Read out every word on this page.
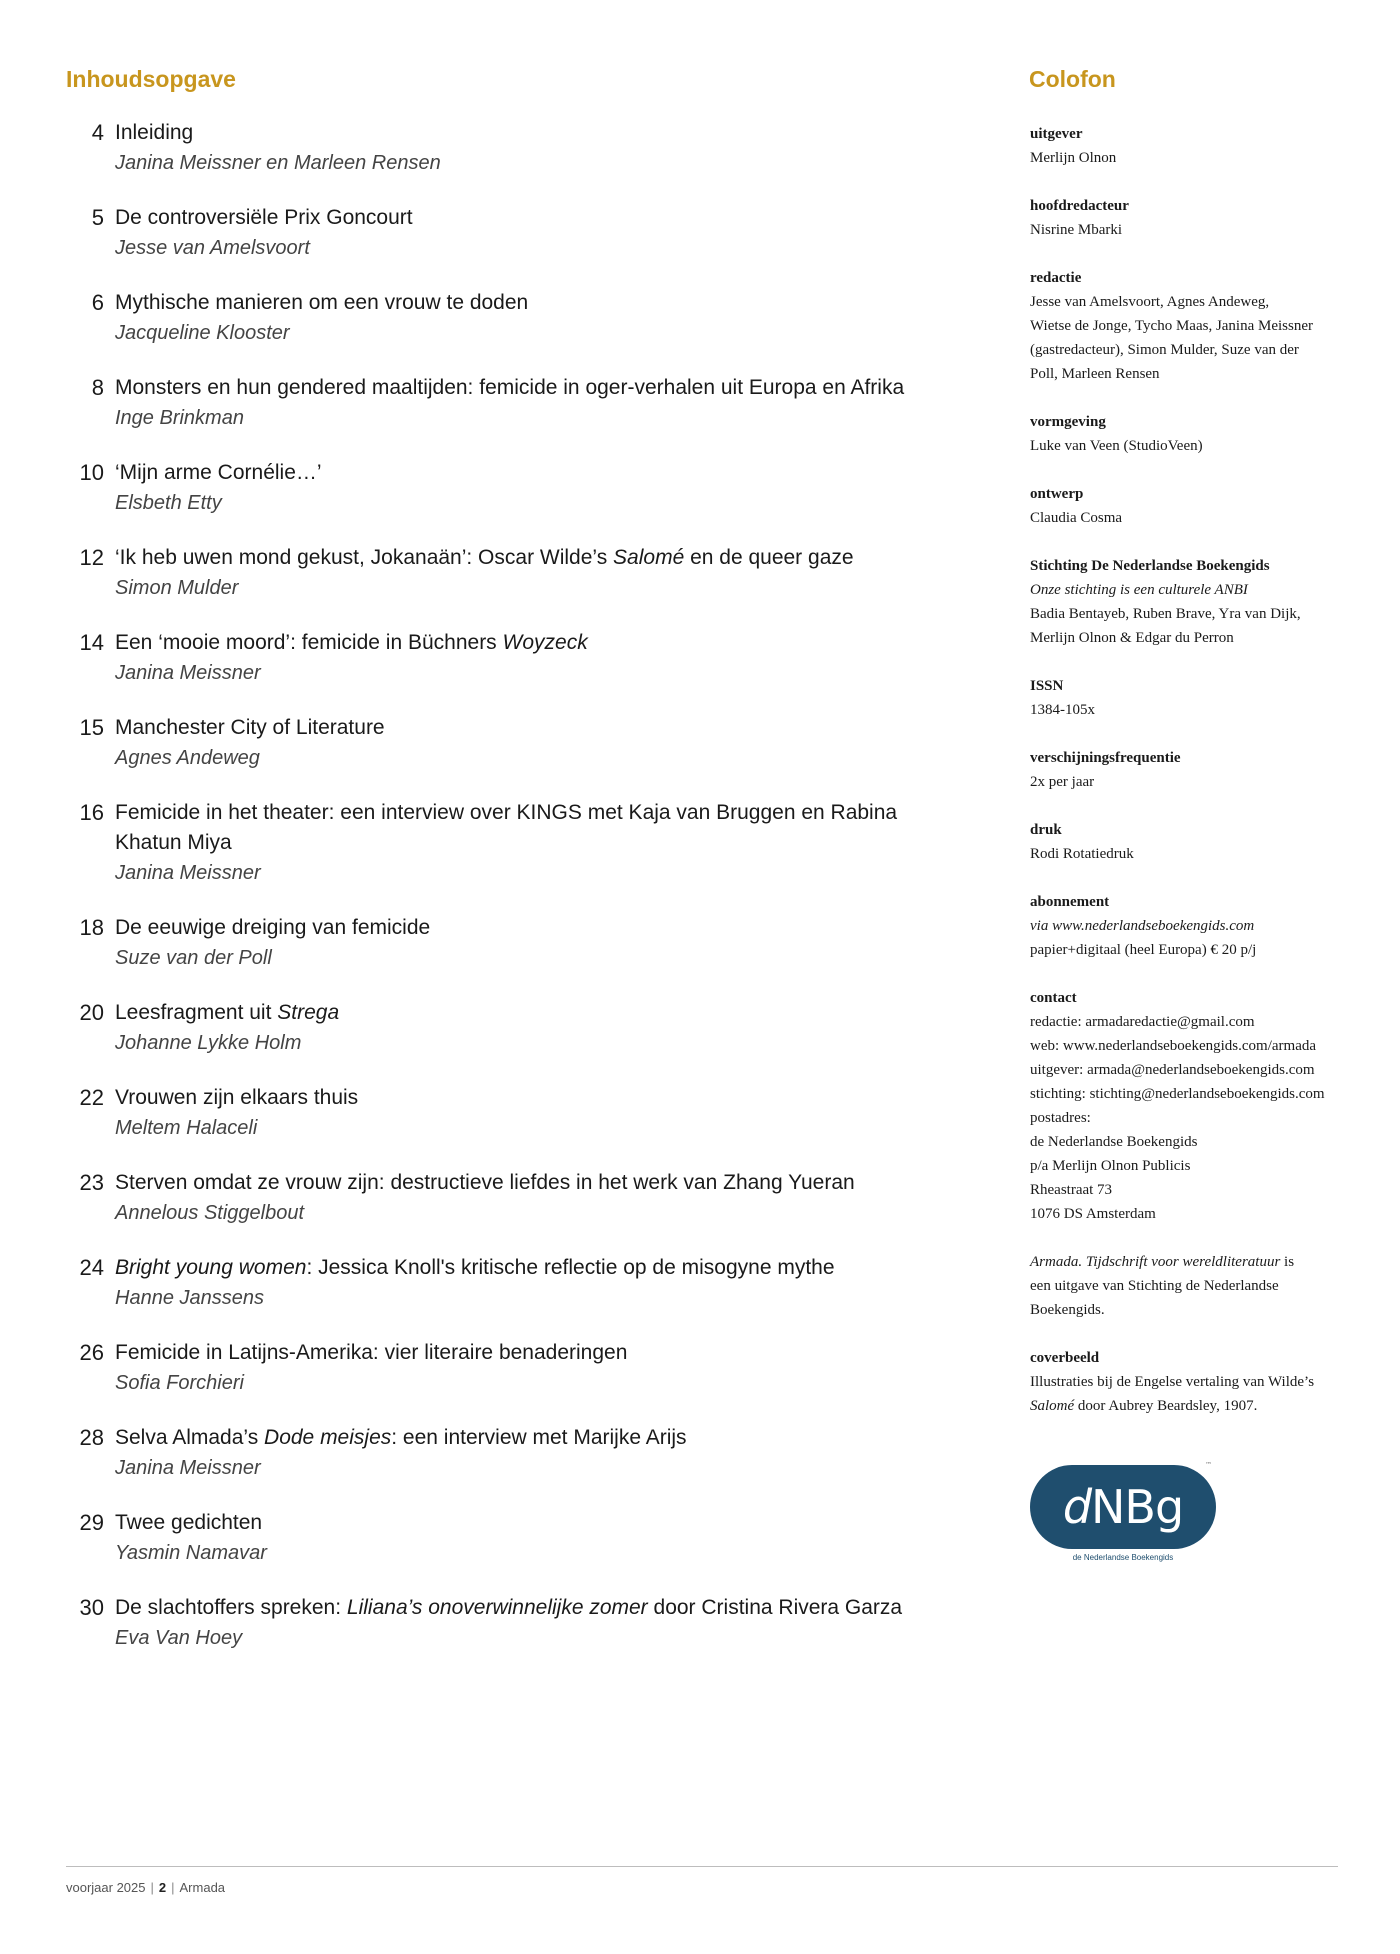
Inhoudsopgave	Colofon
4 Inleiding
Janina Meissner en Marleen Rensen
5 De controversiële Prix Goncourt
Jesse van Amelsvoort
6 Mythische manieren om een vrouw te doden
Jacqueline Klooster
8 Monsters en hun gendered maaltijden: femicide in oger-verhalen uit Europa en Afrika
Inge Brinkman
10 ‘Mijn arme Cornélie…’
Elsbeth Etty
12 ‘Ik heb uwen mond gekust, Jokanaän’: Oscar Wilde’s Salomé en de queer gaze
Simon Mulder
14 Een ‘mooie moord’: femicide in Büchners Woyzeck
Janina Meissner
15 Manchester City of Literature
Agnes Andeweg
16 Femicide in het theater: een interview over KINGS met Kaja van Bruggen en Rabina Khatun Miya
Janina Meissner
18 De eeuwige dreiging van femicide
Suze van der Poll
20 Leesfragment uit Strega
Johanne Lykke Holm
22 Vrouwen zijn elkaars thuis
Meltem Halaceli
23 Sterven omdat ze vrouw zijn: destructieve liefdes in het werk van Zhang Yueran
Annelous Stiggelbout
24 Bright young women: Jessica Knoll's kritische reflectie op de misogyne mythe
Hanne Janssens
26 Femicide in Latijns-Amerika: vier literaire benaderingen
Sofia Forchieri
28 Selva Almada’s Dode meisjes: een interview met Marijke Arijs
Janina Meissner
29 Twee gedichten
Yasmin Namavar
30 De slachtoffers spreken: Liliana’s onoverwinnelijke zomer door Cristina Rivera Garza
Eva Van Hoey
uitgever
Merlijn Olnon
hoofdredacteur
Nisrine Mbarki
redactie
Jesse van Amelsvoort, Agnes Andeweg,
Wietse de Jonge, Tycho Maas, Janina Meissner
(gastredacteur), Simon Mulder, Suze van der
Poll, Marleen Rensen
vormgeving
Luke van Veen (StudioVeen)
ontwerp
Claudia Cosma
Stichting De Nederlandse Boekengids
Onze stichting is een culturele ANBI
Badia Bentayeb, Ruben Brave, Yra van Dijk,
Merlijn Olnon & Edgar du Perron
ISSN
1384-105x
verschijningsfrequentie
2x per jaar
druk
Rodi Rotatiedruk
abonnement
via www.nederlandseboekengids.com
papier+digitaal (heel Europa) € 20 p/j
contact
redactie: armadaredactie@gmail.com
web: www.nederlandseboekengids.com/armada
uitgever: armada@nederlandseboekengids.com
stichting: stichting@nederlandseboekengids.com
postadres:
de Nederlandse Boekengids
p/a Merlijn Olnon Publicis
Rheastraat 73
1076 DS Amsterdam
Armada. Tijdschrift voor wereldliteratuur is
een uitgave van Stichting de Nederlandse
Boekengids.
coverbeeld
Illustraties bij de Engelse vertaling van Wilde’s
Salomé door Aubrey Beardsley, 1907.
d NBg
™
de Nederlandse Boekengids
voorjaar 2025 | 2 | Armada
